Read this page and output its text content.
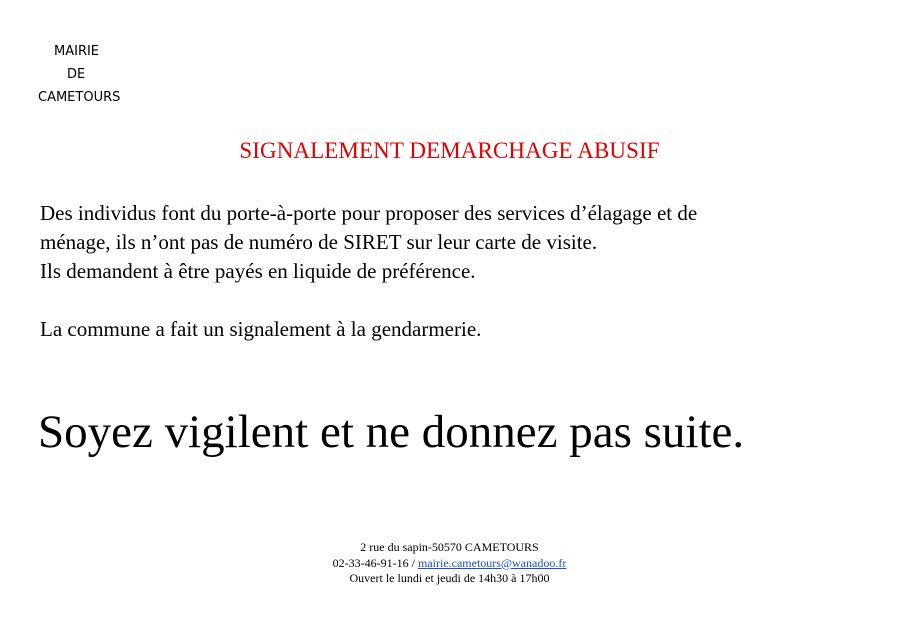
MAIRIE
DE
CAMETOURS
SIGNALEMENT DEMARCHAGE ABUSIF

Des individus font du porte-à-porte pour proposer des services d’élagage et de
ménage, ils n’ont pas de numéro de SIRET sur leur carte de visite.
Ils demandent à être payés en liquide de préférence.

La commune a fait un signalement à la gendarmerie.

Soyez vigilent et ne donnez pas suite.
2 rue du sapin-50570 CAMETOURS
02-33-46-91-16 / mairie.cametours@wanadoo.fr
Ouvert le lundi et jeudi de 14h30 à 17h00
